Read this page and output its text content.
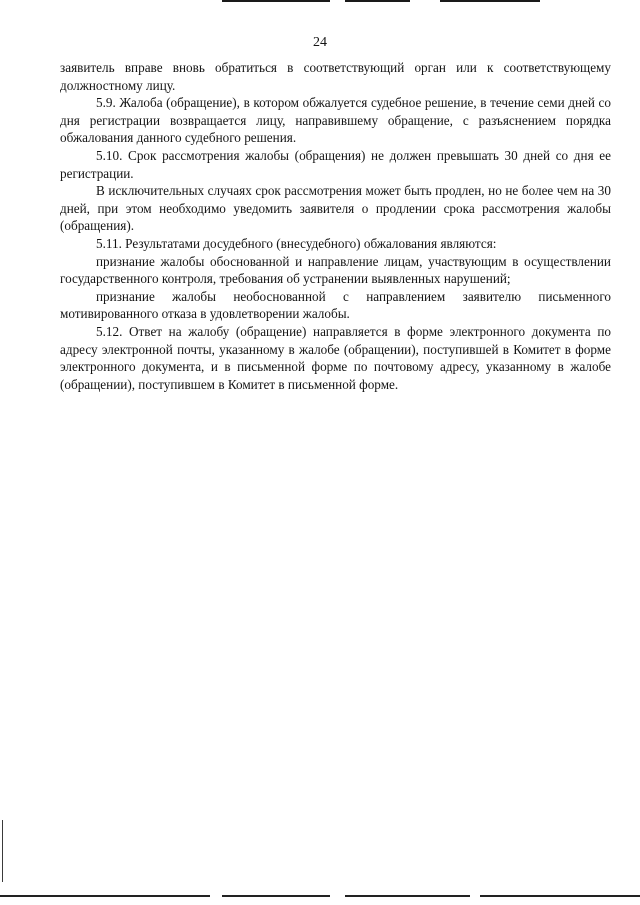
24

заявитель вправе вновь обратиться в соответствующий орган или к соответствующему должностному лицу.

5.9. Жалоба (обращение), в котором обжалуется судебное решение, в течение семи дней со дня регистрации возвращается лицу, направившему обращение, с разъяснением порядка обжалования данного судебного решения.

5.10. Срок рассмотрения жалобы (обращения) не должен превышать 30 дней со дня ее регистрации.

В исключительных случаях срок рассмотрения может быть продлен, но не более чем на 30 дней, при этом необходимо уведомить заявителя о продлении срока рассмотрения жалобы (обращения).

5.11. Результатами досудебного (внесудебного) обжалования являются:

признание жалобы обоснованной и направление лицам, участвующим в осуществлении государственного контроля, требования об устранении выявленных нарушений;

признание жалобы необоснованной с направлением заявителю письменного мотивированного отказа в удовлетворении жалобы.

5.12. Ответ на жалобу (обращение) направляется в форме электронного документа по адресу электронной почты, указанному в жалобе (обращении), поступившей в Комитет в форме электронного документа, и в письменной форме по почтовому адресу, указанному в жалобе (обращении), поступившем в Комитет в письменной форме.
